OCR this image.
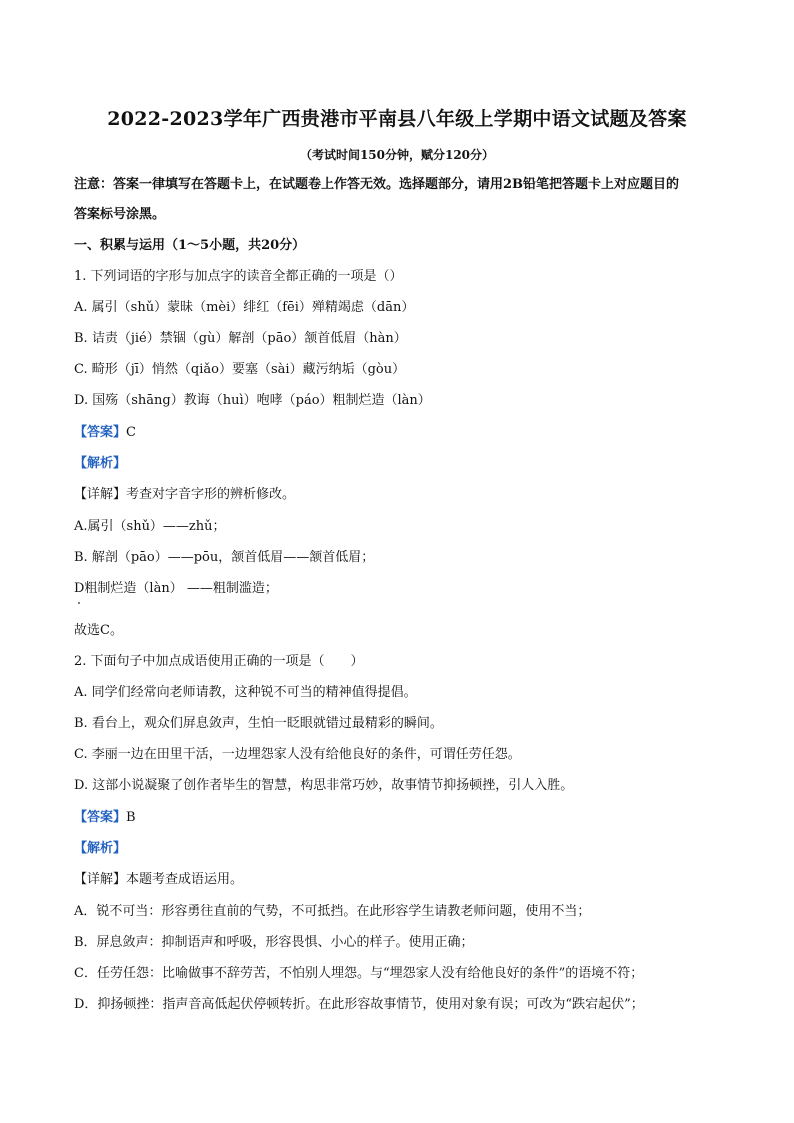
2022-2023学年广西贵港市平南县八年级上学期中语文试题及答案
（考试时间150分钟，赋分120分）
注意：答案一律填写在答题卡上，在试题卷上作答无效。选择题部分，请用2B铅笔把答题卡上对应题目的
答案标号涂黑。
一、积累与运用（1～5小题，共20分）
1. 下列词语的字形与加点字的读音全都正确的一项是（）
A. 属引（shǔ）蒙昧（mèi）绯红（fēi）殚精竭虑（dān）
B. 诘责（jié）禁锢（gù）解剖（pāo）颔首低眉（hàn）
C. 畸形（jī）悄然（qiǎo）要塞（sài）藏污纳垢（gòu）
D. 国殇（shāng）教诲（huì）咆哮（páo）粗制烂造（làn）
【答案】C
【解析】
【详解】考查对字音字形的辨析修改。
A.属引（shǔ）——zhǔ；
B. 解剖（pāo）——pōu，颔首低眉——颔首低眉；
D粗制烂造（làn） ——粗制滥造；
故选C。
2. 下面句子中加点成语使用正确的一项是（　　）
A. 同学们经常向老师请教，这种锐不可当的精神值得提倡。
B. 看台上，观众们屏息敛声，生怕一眨眼就错过最精彩的瞬间。
C. 李丽一边在田里干活，一边埋怨家人没有给他良好的条件，可谓任劳任怨。
D. 这部小说凝聚了创作者毕生的智慧，构思非常巧妙，故事情节抑扬顿挫，引人入胜。
【答案】B
【解析】
【详解】本题考查成语运用。
A．锐不可当：形容勇往直前的气势，不可抵挡。在此形容学生请教老师问题，使用不当；
B．屏息敛声：抑制语声和呼吸，形容畏惧、小心的样子。使用正确；
C．任劳任怨：比喻做事不辞劳苦，不怕别人埋怨。与“埋怨家人没有给他良好的条件”的语境不符；
D．抑扬顿挫：指声音高低起伏停顿转折。在此形容故事情节，使用对象有误；可改为“跌宕起伏”；
